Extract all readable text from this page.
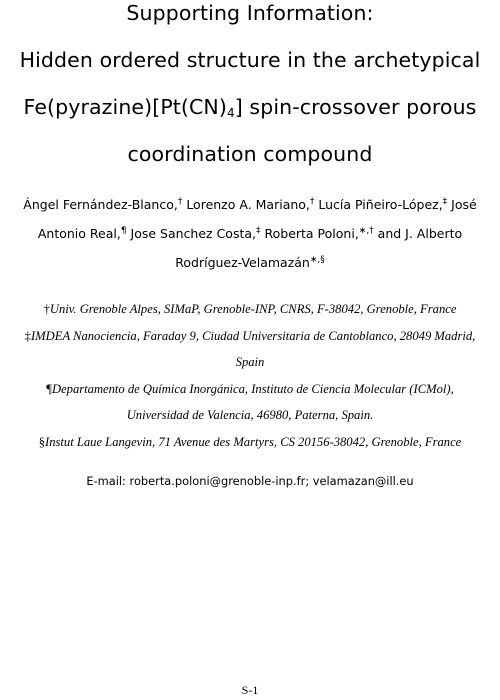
Supporting Information:
Hidden ordered structure in the archetypical
$Fe(pyrazine)[Pt(CN)_4]$ spin-crossover porous
coordination compound
Ángel Fernández-Blanco,† Lorenzo A. Mariano,† Lucía Piñeiro-López,‡ José
Antonio Real,¶ Jose Sanchez Costa,‡ Roberta Poloni,∗,† and J. Alberto
Rodríguez-Velamazán∗,§
†Univ. Grenoble Alpes, SIMaP, Grenoble-INP, CNRS, F-38042, Grenoble, France
‡IMDEA Nanociencia, Faraday 9, Ciudad Universitaria de Cantoblanco, 28049 Madrid,
Spain
¶Departamento de Química Inorgánica, Instituto de Ciencia Molecular (ICMol),
Universidad de Valencia, 46980, Paterna, Spain.
§Instut Laue Langevin, 71 Avenue des Martyrs, CS 20156-38042, Grenoble, France
E-mail: roberta.poloni@grenoble-inp.fr; velamazan@ill.eu
S-1
